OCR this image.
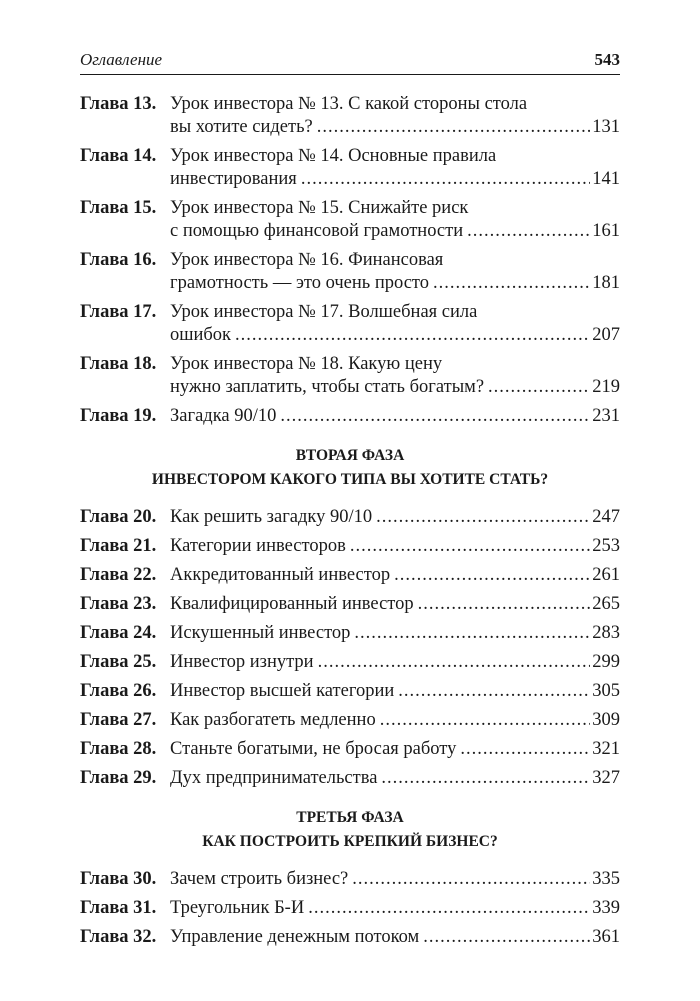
Оглавление	543
Глава 13. Урок инвестора № 13. С какой стороны стола
вы хотите сидеть? .....	131
Глава 14. Урок инвестора № 14. Основные правила
инвестирования .....	141
Глава 15. Урок инвестора № 15. Снижайте риск
с помощью финансовой грамотности .....	161
Глава 16. Урок инвестора № 16. Финансовая
грамотность — это очень просто .....	181
Глава 17. Урок инвестора № 17. Волшебная сила
ошибок .....	207
Глава 18. Урок инвестора № 18. Какую цену
нужно заплатить, чтобы стать богатым? .....	219
Глава 19. Загадка 90/10 .....	231
ВТОРАЯ ФАЗА
ИНВЕСТОРОМ КАКОГО ТИПА ВЫ ХОТИТЕ СТАТЬ?
Глава 20. Как решить загадку 90/10 .....	247
Глава 21. Категории инвесторов .....	253
Глава 22. Аккредитованный инвестор .....	261
Глава 23. Квалифицированный инвестор .....	265
Глава 24. Искушенный инвестор .....	283
Глава 25. Инвестор изнутри .....	299
Глава 26. Инвестор высшей категории .....	305
Глава 27. Как разбогатеть медленно .....	309
Глава 28. Станьте богатыми, не бросая работу .....	321
Глава 29. Дух предпринимательства .....	327
ТРЕТЬЯ ФАЗА
КАК ПОСТРОИТЬ КРЕПКИЙ БИЗНЕС?
Глава 30. Зачем строить бизнес? .....	335
Глава 31. Треугольник Б-И .....	339
Глава 32. Управление денежным потоком .....	361
